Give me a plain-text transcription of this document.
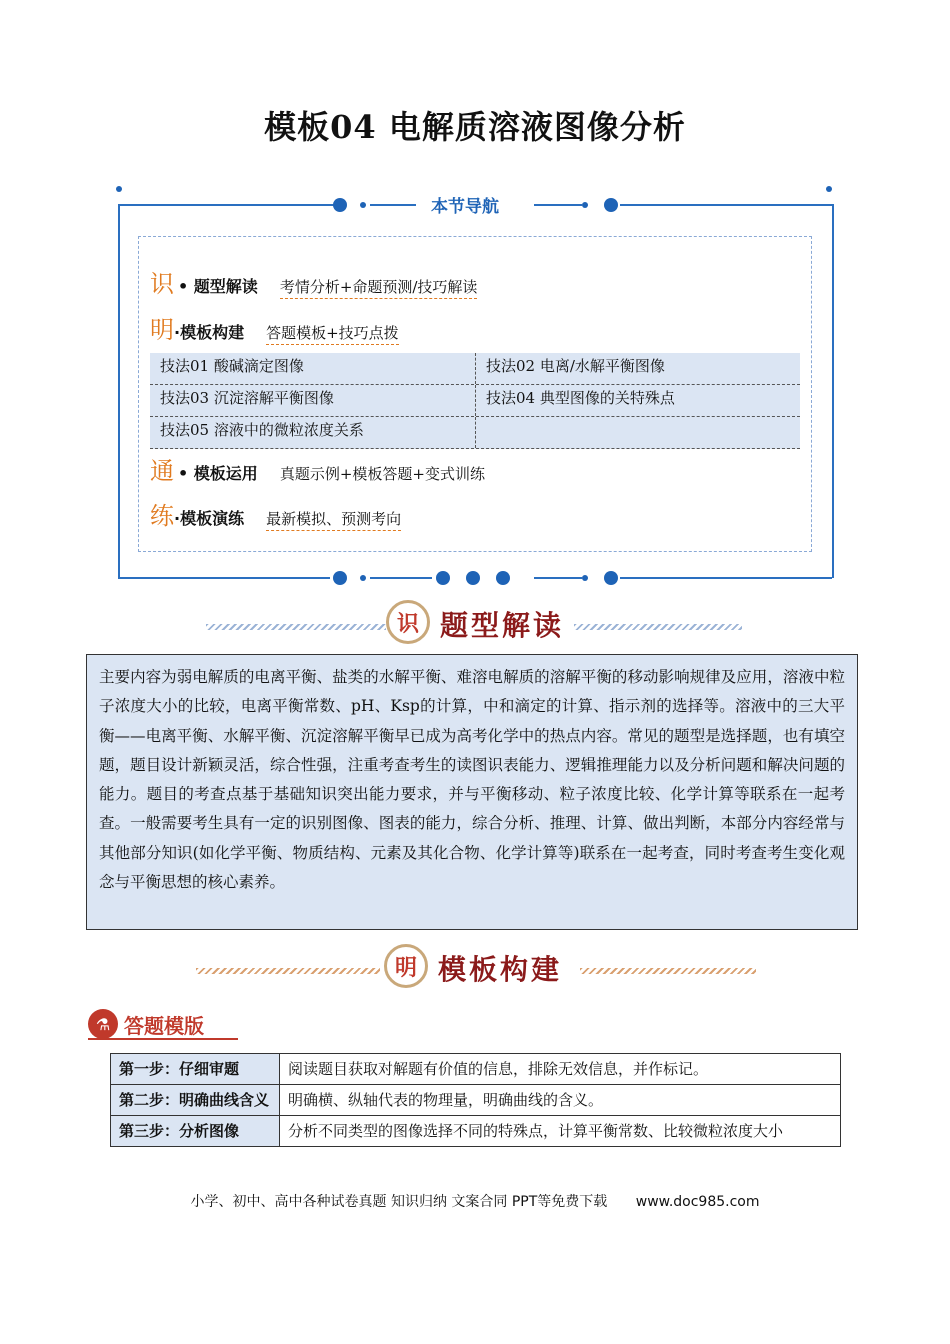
模板04 电解质溶液图像分析
本节导航
识 • 题型解读 考情分析+命题预测/技巧解读
明 ·模板构建 答题模板+技巧点拨
技法01 酸碱滴定图像	技法02 电离/水解平衡图像
技法03 沉淀溶解平衡图像	技法04 典型图像的关特殊点
技法05 溶液中的微粒浓度关系
通 • 模板运用 真题示例+模板答题+变式训练
练 ·模板演练 最新模拟、预测考向
识 题型解读
主要内容为弱电解质的电离平衡、盐类的水解平衡、难溶电解质的溶解平衡的移动影响规律及应用，溶液中粒子浓度大小的比较，电离平衡常数、pH、Ksp的计算，中和滴定的计算、指示剂的选择等。溶液中的三大平衡——电离平衡、水解平衡、沉淀溶解平衡早已成为高考化学中的热点内容。常见的题型是选择题，也有填空题，题目设计新颖灵活，综合性强，注重考查考生的读图识表能力、逻辑推理能力以及分析问题和解决问题的能力。题目的考查点基于基础知识突出能力要求，并与平衡移动、粒子浓度比较、化学计算等联系在一起考查。一般需要考生具有一定的识别图像、图表的能力，综合分析、推理、计算、做出判断，本部分内容经常与其他部分知识(如化学平衡、物质结构、元素及其化合物、化学计算等)联系在一起考查，同时考查考生变化观念与平衡思想的核心素养。
明 模板构建
⚗ 答题模版
第一步：仔细审题	阅读题目获取对解题有价值的信息，排除无效信息，并作标记。
第二步：明确曲线含义	明确横、纵轴代表的物理量，明确曲线的含义。
第三步：分析图像	分析不同类型的图像选择不同的特殊点，计算平衡常数、比较微粒浓度大小
小学、初中、高中各种试卷真题 知识归纳 文案合同 PPT等免费下载 www.doc985.com
